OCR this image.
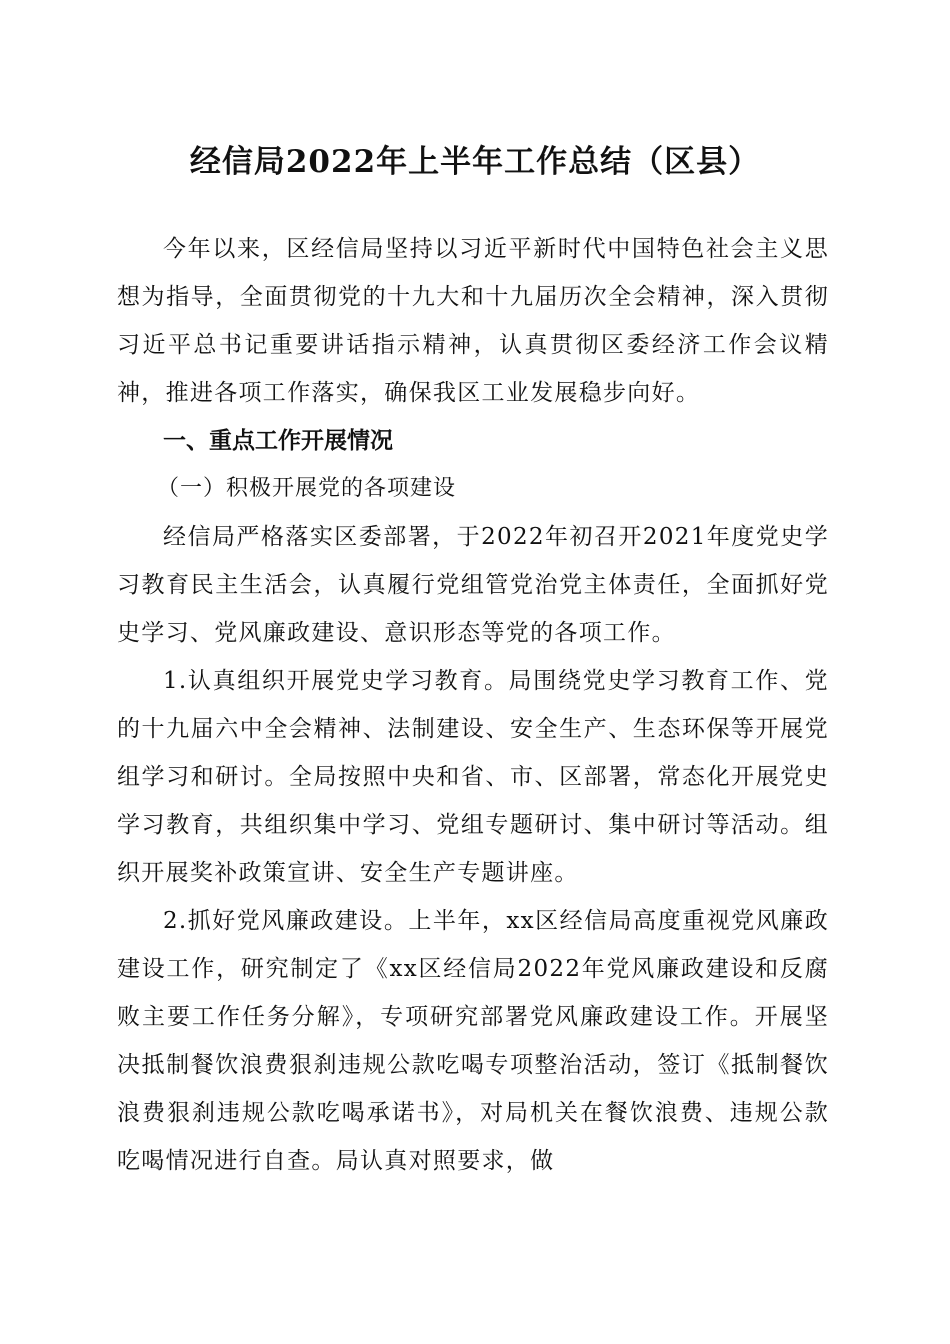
经信局2022年上半年工作总结（区县）

今年以来，区经信局坚持以习近平新时代中国特色社会主义思想为指导，全面贯彻党的十九大和十九届历次全会精神，深入贯彻习近平总书记重要讲话指示精神，认真贯彻区委经济工作会议精神，推进各项工作落实，确保我区工业发展稳步向好。

一、重点工作开展情况

（一）积极开展党的各项建设

经信局严格落实区委部署，于2022年初召开2021年度党史学习教育民主生活会，认真履行党组管党治党主体责任，全面抓好党史学习、党风廉政建设、意识形态等党的各项工作。

1.认真组织开展党史学习教育。局围绕党史学习教育工作、党的十九届六中全会精神、法制建设、安全生产、生态环保等开展党组学习和研讨。全局按照中央和省、市、区部署，常态化开展党史学习教育，共组织集中学习、党组专题研讨、集中研讨等活动。组织开展奖补政策宣讲、安全生产专题讲座。

2.抓好党风廉政建设。上半年，xx区经信局高度重视党风廉政建设工作，研究制定了《xx区经信局2022年党风廉政建设和反腐败主要工作任务分解》，专项研究部署党风廉政建设工作。开展坚决抵制餐饮浪费狠刹违规公款吃喝专项整治活动，签订《抵制餐饮浪费狠刹违规公款吃喝承诺书》，对局机关在餐饮浪费、违规公款吃喝情况进行自查。局认真对照要求，做
